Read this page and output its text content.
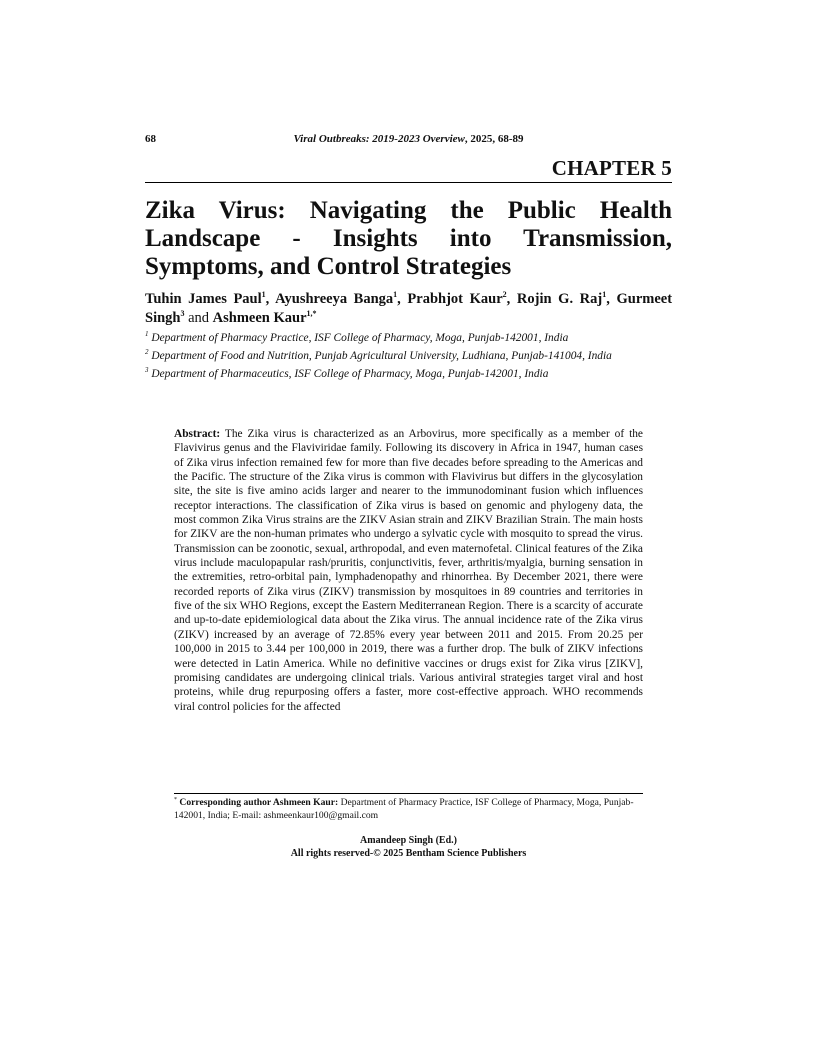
68	Viral Outbreaks: 2019-2023 Overview, 2025, 68-89
CHAPTER 5
Zika Virus: Navigating the Public Health Landscape - Insights into Transmission, Symptoms, and Control Strategies
Tuhin James Paul$^1$, Ayushreeya Banga$^1$, Prabhjot Kaur$^2$, Rojin G. Raj$^1$, Gurmeet Singh$^3$ and Ashmeen Kaur$^{1,*}$
$^1$ Department of Pharmacy Practice, ISF College of Pharmacy, Moga, Punjab-142001, India
$^2$ Department of Food and Nutrition, Punjab Agricultural University, Ludhiana, Punjab-141004, India
$^3$ Department of Pharmaceutics, ISF College of Pharmacy, Moga, Punjab-142001, India
Abstract: The Zika virus is characterized as an Arbovirus, more specifically as a member of the Flavivirus genus and the Flaviviridae family. Following its discovery in Africa in 1947, human cases of Zika virus infection remained few for more than five decades before spreading to the Americas and the Pacific. The structure of the Zika virus is common with Flavivirus but differs in the glycosylation site, the site is five amino acids larger and nearer to the immunodominant fusion which influences receptor interactions. The classification of Zika virus is based on genomic and phylogeny data, the most common Zika Virus strains are the ZIKV Asian strain and ZIKV Brazilian Strain. The main hosts for ZIKV are the non-human primates who undergo a sylvatic cycle with mosquito to spread the virus. Transmission can be zoonotic, sexual, arthropodal, and even maternofetal. Clinical features of the Zika virus include maculopapular rash/pruritis, conjunctivitis, fever, arthritis/myalgia, burning sensation in the extremities, retro-orbital pain, lymphadenopathy and rhinorrhea. By December 2021, there were recorded reports of Zika virus (ZIKV) transmission by mosquitoes in 89 countries and territories in five of the six WHO Regions, except the Eastern Mediterranean Region. There is a scarcity of accurate and up-to-date epidemiological data about the Zika virus. The annual incidence rate of the Zika virus (ZIKV) increased by an average of 72.85% every year between 2011 and 2015. From 20.25 per 100,000 in 2015 to 3.44 per 100,000 in 2019, there was a further drop. The bulk of ZIKV infections were detected in Latin America. While no definitive vaccines or drugs exist for Zika virus [ZIKV], promising candidates are undergoing clinical trials. Various antiviral strategies target viral and host proteins, while drug repurposing offers a faster, more cost-effective approach. WHO recommends viral control policies for the affected
* Corresponding author Ashmeen Kaur: Department of Pharmacy Practice, ISF College of Pharmacy, Moga, Punjab-142001, India; E-mail: ashmeenkaur100@gmail.com
Amandeep Singh (Ed.)
All rights reserved-© 2025 Bentham Science Publishers
